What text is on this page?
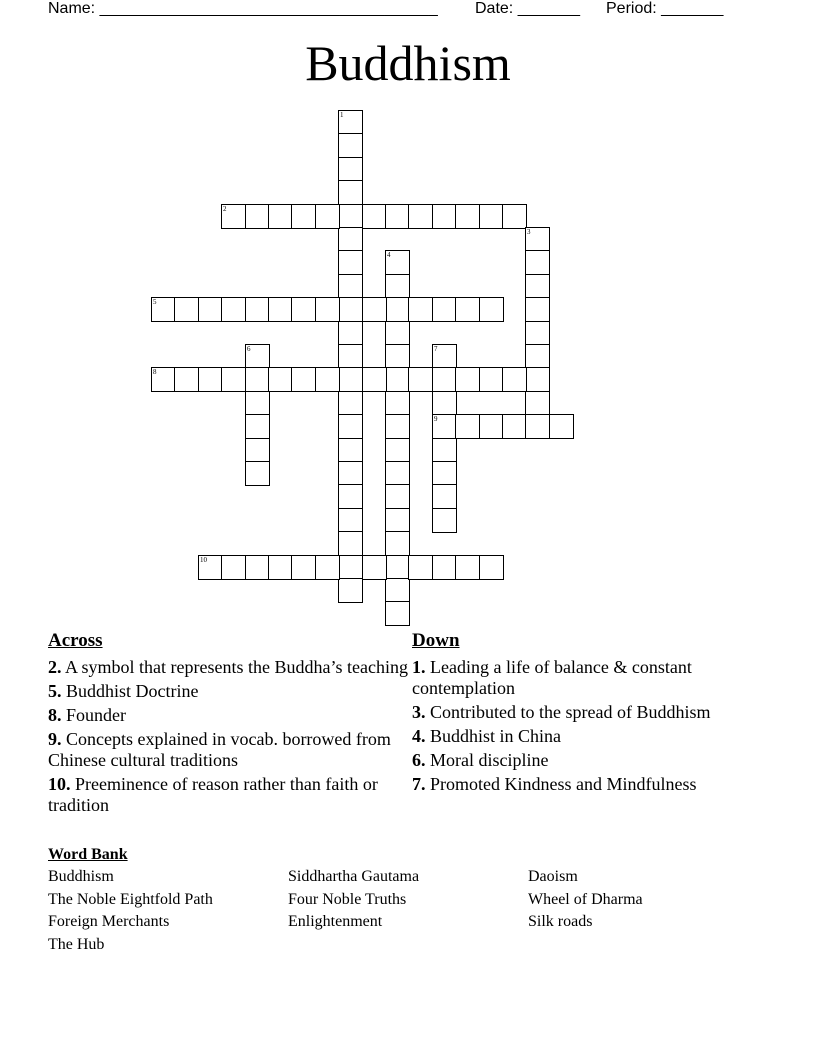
Name: ______________________________________ Date: _______ Period: _______
Buddhism
1
2
3
4
5
6	7
8
9
10
Across
2. A symbol that represents the Buddha’s teaching
5. Buddhist Doctrine
8. Founder
9. Concepts explained in vocab. borrowed from Chinese cultural traditions
10. Preeminence of reason rather than faith or tradition
Down
1. Leading a life of balance & constant contemplation
3. Contributed to the spread of Buddhism
4. Buddhist in China
6. Moral discipline
7. Promoted Kindness and Mindfulness
Word Bank
Buddhism	Siddhartha Gautama	Daoism
The Noble Eightfold Path	Four Noble Truths	Wheel of Dharma
Foreign Merchants	Enlightenment	Silk roads
The Hub
